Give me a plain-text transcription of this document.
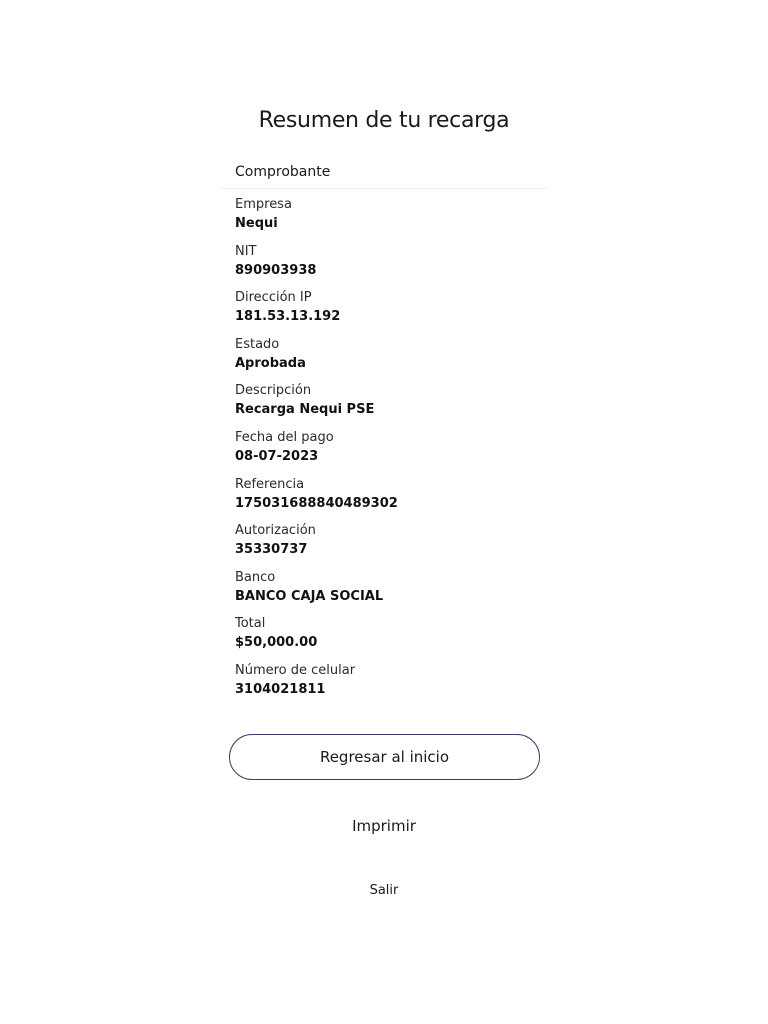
Resumen de tu recarga
Comprobante
Empresa
Nequi
NIT
890903938
Dirección IP
181.53.13.192
Estado
Aprobada
Descripción
Recarga Nequi PSE
Fecha del pago
08-07-2023
Referencia
175031688840489302
Autorización
35330737
Banco
BANCO CAJA SOCIAL
Total
$50,000.00
Número de celular
3104021811
Regresar al inicio
Imprimir
Salir
